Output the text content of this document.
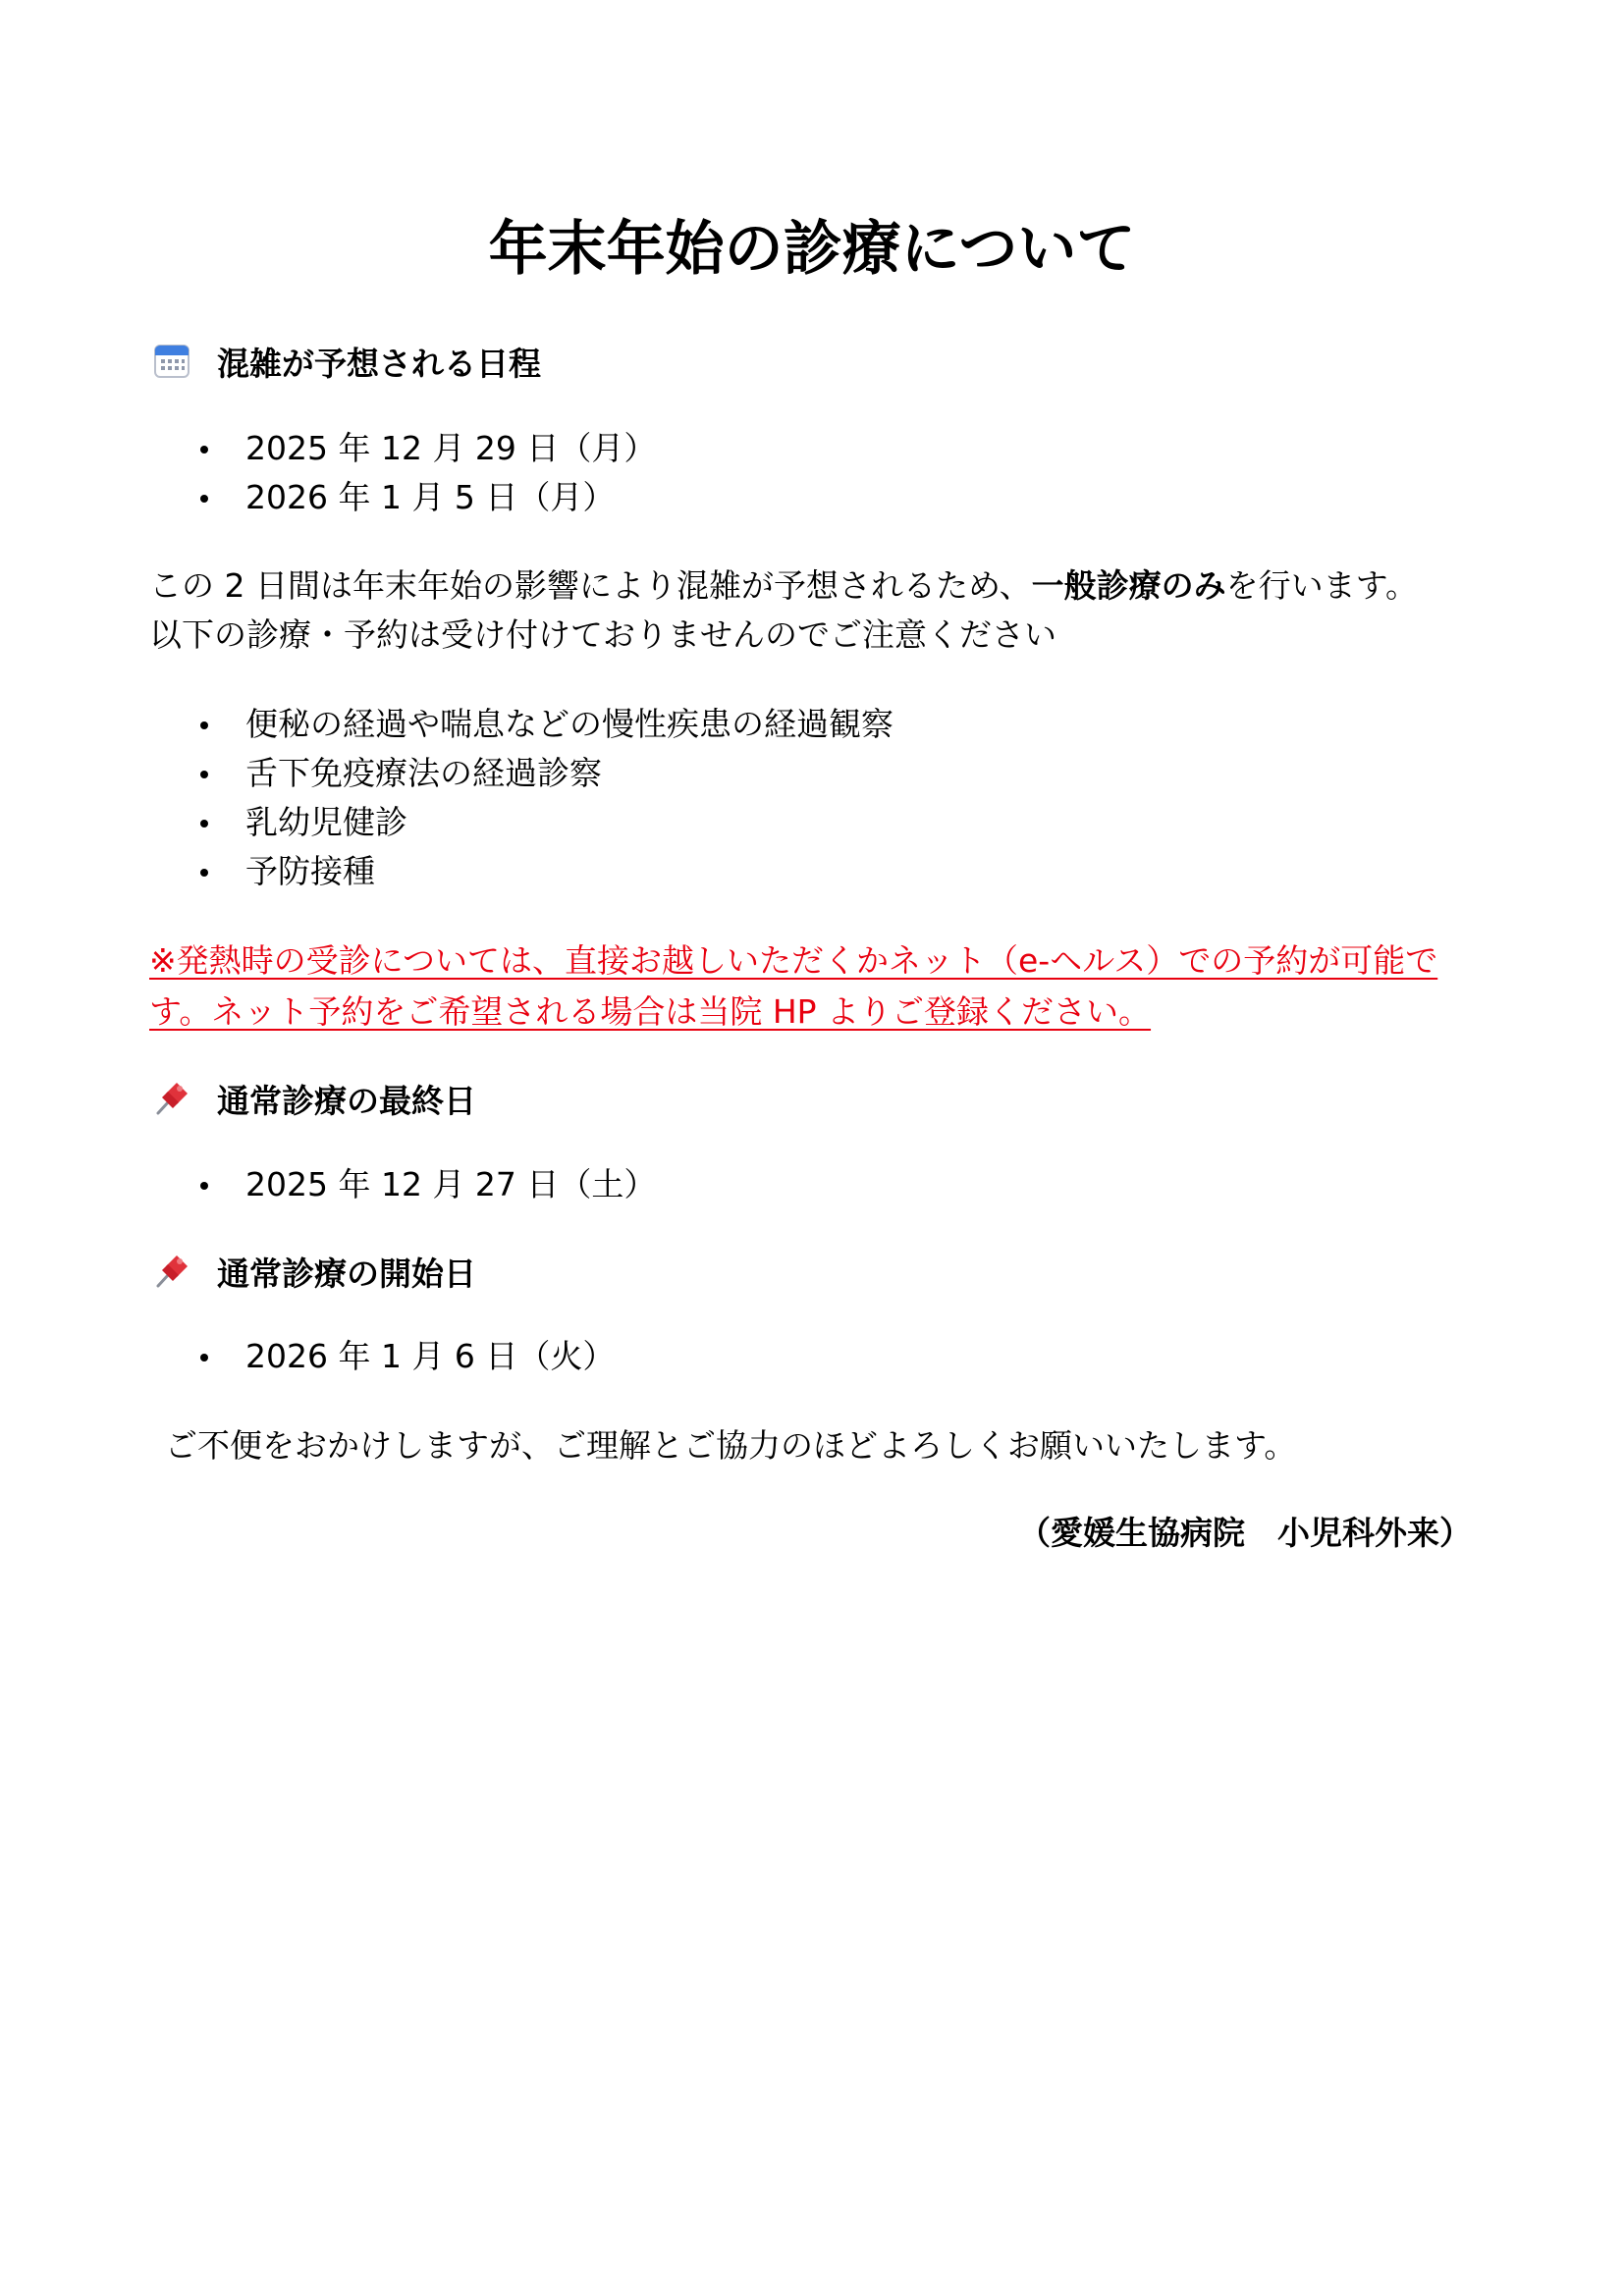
年末年始の診療について
混雑が予想される日程
2025 年 12 月 29 日（月）
2026 年 1 月 5 日（月）

この 2 日間は年末年始の影響により混雑が予想されるため、一般診療のみを行います。

以下の診療・予約は受け付けておりませんのでご注意ください

便秘の経過や喘息などの慢性疾患の経過観察
舌下免疫療法の経過診察
乳幼児健診
予防接種

※発熱時の受診については、直接お越しいただくかネット（e-ヘルス）での予約が可能です。ネット予約をご希望される場合は当院 HP よりご登録ください。

通常診療の最終日
2025 年 12 月 27 日（土）
通常診療の開始日
2026 年 1 月 6 日（火）

ご不便をおかけしますが、ご理解とご協力のほどよろしくお願いいたします。

（愛媛生協病院　小児科外来）
